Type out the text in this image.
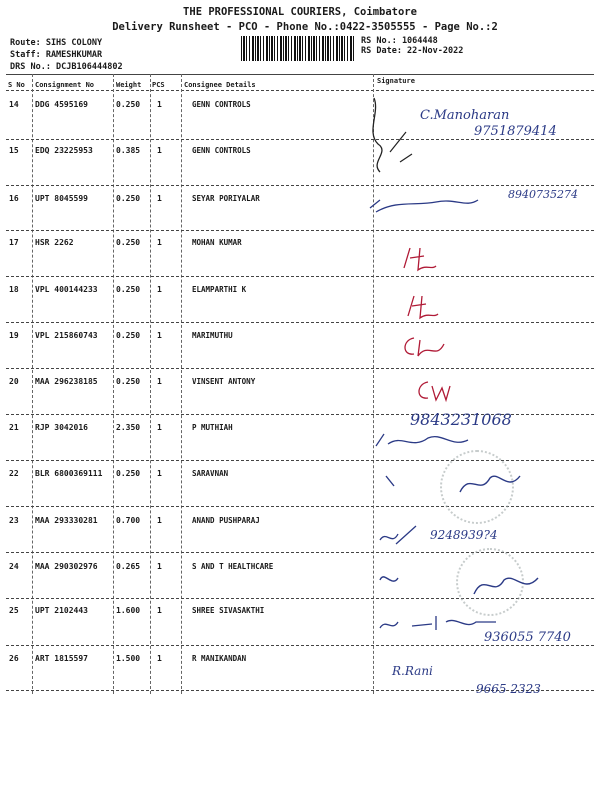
THE PROFESSIONAL COURIERS, Coimbatore
Delivery Runsheet - PCO - Phone No.:0422-3505555 - Page No.:2
Route: SIHS COLONY
Staff: RAMESHKUMAR
DRS No.: DCJB106444802
RS No.: 1064448
RS Date: 22-Nov-2022
S No Consignment No	Weight PCS	Consignee Details	Signature
14 DDG 4595169	0.250 1	GENN CONTROLS
15 EDQ 23225953	0.385 1	GENN CONTROLS
16 UPT 8045599	0.250 1	SEYAR PORIYALAR
17 HSR 2262	0.250 1	MOHAN KUMAR
18 VPL 400144233 0.250 1	ELAMPARTHI K
19 VPL 215860743 0.250 1	MARIMUTHU
20 MAA 296238185 0.250 1	VINSENT ANTONY
21 RJP 3042016	2.350 1	P MUTHIAH
22 BLR 6800369111 0.250 1	SARAVNAN
23 MAA 293330281 0.700 1	ANAND PUSHPARAJ
24 MAA 290302976 0.265 1	S AND T HEALTHCARE
25 UPT 2102443	1.600 1	SHREE SIVASAKTHI
26 ART 1815597	1.500 1	R MANIKANDAN
C.Manoharan
9751879414
8940735274
9843231068
9248939?4
936055 7740
R.Rani
9665 2323
